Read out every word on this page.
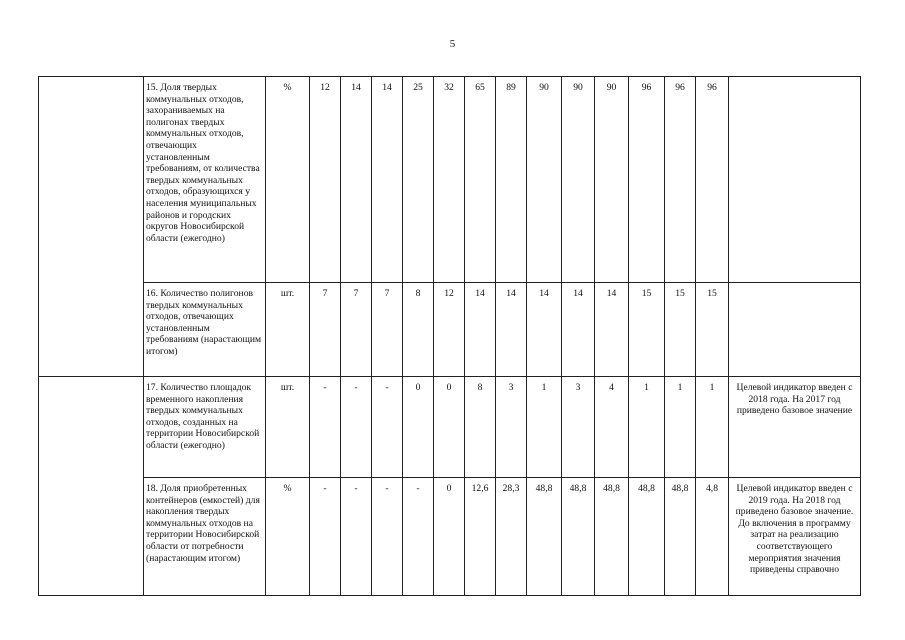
5
	15. Доля твердых коммунальных отходов, захораниваемых на полигонах твердых коммунальных отходов, отвечающих установленным требованиям, от количества твердых коммунальных отходов, образующихся у населения муниципальных районов и городских округов Новосибирской области (ежегодно)	%	12	14	14	25	32	65	89	90	90	90	96	96	96	
	16. Количество полигонов твердых коммунальных отходов, отвечающих установленным требованиям (нарастающим итогом)	шт.	7	7	7	8	12	14	14	14	14	14	15	15	15	
	17. Количество площадок временного накопления твердых коммунальных отходов, созданных на территории Новосибирской области (ежегодно)	шт.	-	-	-	0	0	8	3	1	3	4	1	1	1	Целевой индикатор введен с 2018 года. На 2017 год приведено базовое значение
	18. Доля приобретенных контейнеров (емкостей) для накопления твердых коммунальных отходов на территории Новосибирской области от потребности (нарастающим итогом)	%	-	-	-	-	0	12,6	28,3	48,8	48,8	48,8	48,8	48,8	4,8	Целевой индикатор введен с 2019 года. На 2018 год приведено базовое значение. До включения в программу затрат на реализацию соответствующего мероприятия значения приведены справочно
